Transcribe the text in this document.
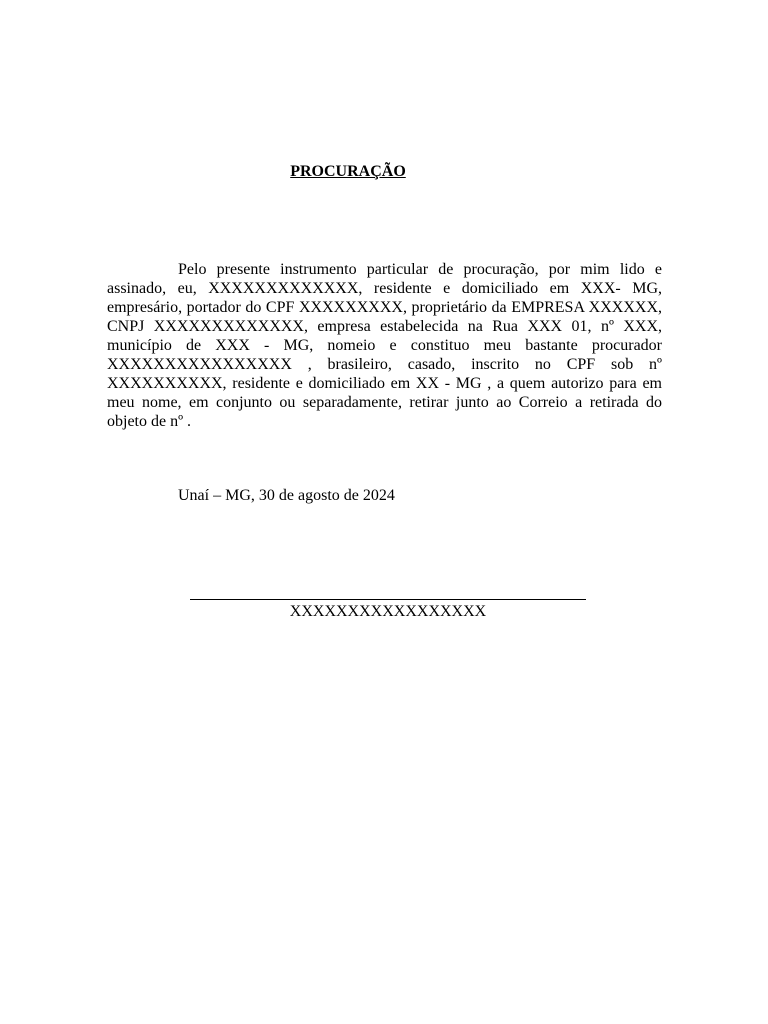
PROCURAÇÃO

Pelo presente instrumento particular de procuração, por mim lido e assinado, eu, XXXXXXXXXXXXX, residente e domiciliado em XXX- MG, empresário, portador do CPF XXXXXXXXX, proprietário da EMPRESA XXXXXX, CNPJ XXXXXXXXXXXXX, empresa estabelecida na Rua XXX 01, nº XXX, município de XXX - MG, nomeio e constituo meu bastante procurador XXXXXXXXXXXXXXXX , brasileiro, casado, inscrito no CPF sob nº XXXXXXXXXX, residente e domiciliado em XX - MG , a quem autorizo para em meu nome, em conjunto ou separadamente, retirar junto ao Correio a retirada do objeto de nº .

Unaí – MG, 30 de agosto de 2024
XXXXXXXXXXXXXXXXX
